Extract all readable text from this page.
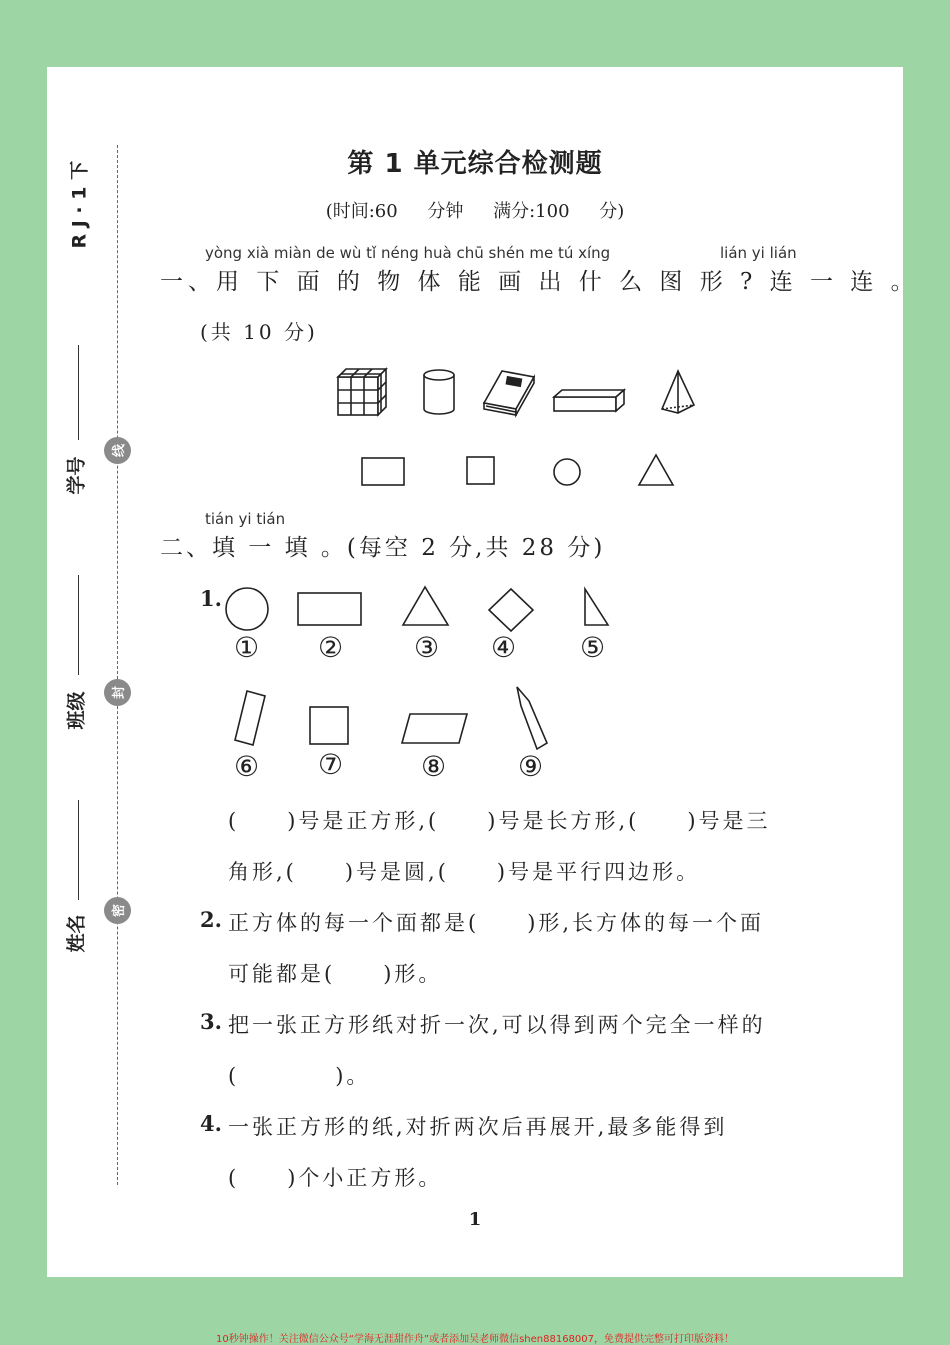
R J · 1 下
学号
班级
姓名
线
封
密
第 1 单元综合检测题
(时间:60 分钟 满分:100 分)
yòng xià miàn de wù tǐ néng huà chū shén me tú xíng	lián yi lián
一、用 下 面 的 物 体 能 画 出 什 么 图 形 ? 连 一 连 。
(共 10 分)
tián yi tián
二、填 一 填 。(每空 2 分,共 28 分)
1.
① ②	③ ④ ⑤
⑥ ⑦	⑧	⑨
(　　)号是正方形,(　　)号是长方形,(　　)号是三
角形,(　　)号是圆,(　　)号是平行四边形。
2. 正方体的每一个面都是(　　)形,长方体的每一个面
可能都是(　　)形。
3. 把一张正方形纸对折一次,可以得到两个完全一样的
(　　　　)。
4. 一张正方形的纸,对折两次后再展开,最多能得到
(　　)个小正方形。
1
10秒钟操作！关注微信公众号“学海无涯甜作舟”或者添加吴老师微信shen88168007，免费提供完整可打印版资料！
